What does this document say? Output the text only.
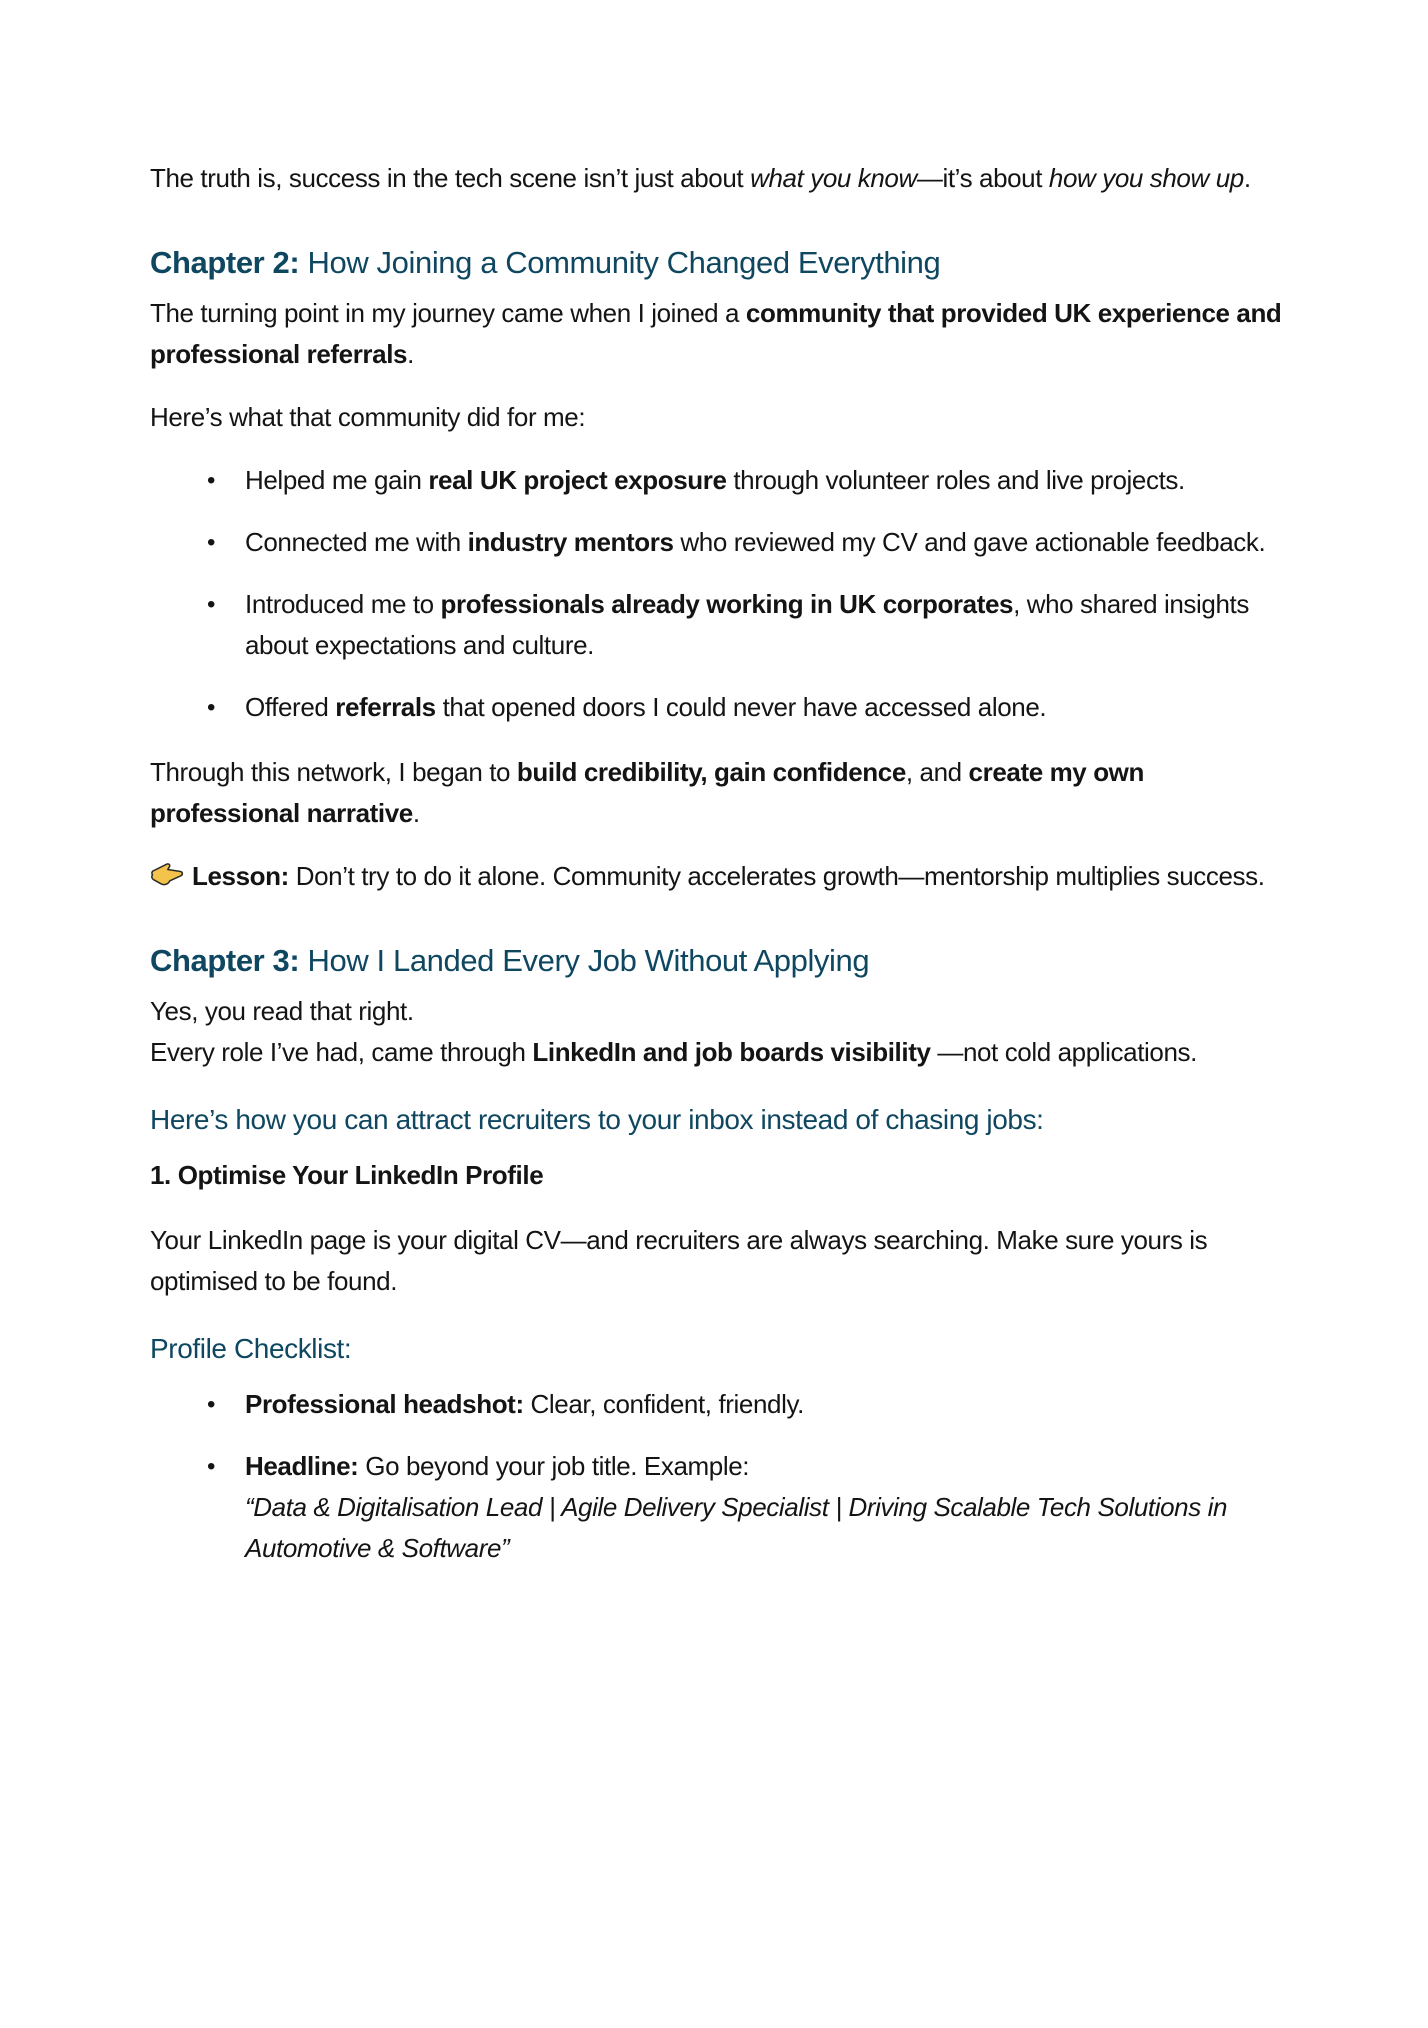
The truth is, success in the tech scene isn’t just about what you know—it’s about how you show up.

Chapter 2: How Joining a Community Changed Everything

The turning point in my journey came when I joined a community that provided UK experience and professional referrals.

Here’s what that community did for me:

• Helped me gain real UK project exposure through volunteer roles and live projects.
• Connected me with industry mentors who reviewed my CV and gave actionable feedback.
• Introduced me to professionals already working in UK corporates, who shared insights about expectations and culture.
• Offered referrals that opened doors I could never have accessed alone.

Through this network, I began to build credibility, gain confidence, and create my own professional narrative.

Lesson: Don’t try to do it alone. Community accelerates growth—mentorship multiplies success.

Chapter 3: How I Landed Every Job Without Applying

Yes, you read that right.
Every role I’ve had, came through LinkedIn and job boards visibility —not cold applications.

Here’s how you can attract recruiters to your inbox instead of chasing jobs:

1. Optimise Your LinkedIn Profile

Your LinkedIn page is your digital CV—and recruiters are always searching. Make sure yours is optimised to be found.

Profile Checklist:
• Professional headshot: Clear, confident, friendly.
• Headline: Go beyond your job title. Example:
“Data & Digitalisation Lead | Agile Delivery Specialist | Driving Scalable Tech Solutions in Automotive & Software”
